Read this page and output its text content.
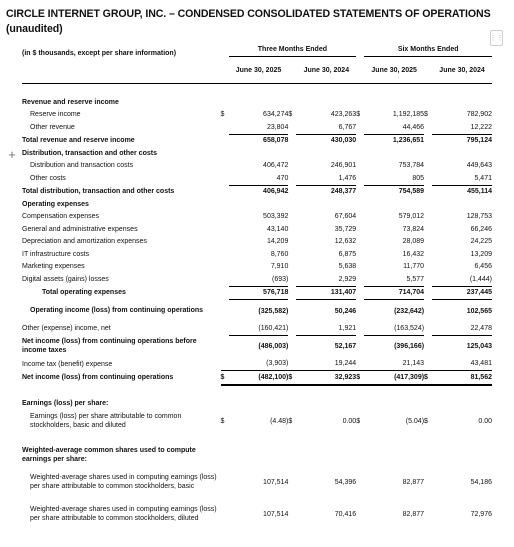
CIRCLE INTERNET GROUP, INC. – CONDENSED CONSOLIDATED STATEMENTS OF OPERATIONS (unaudited)
⋮⋮
+
		Three Months Ended				Six Months Ended		
(in $ thousands, except per share information)		June 30, 2025		June 30, 2024		June 30, 2025		June 30, 2024

Revenue and reserve income								
Reserve income	$	634,274	$	423,263	$	1,192,185	$	782,902
Other revenue		23,804		6,767		44,466		12,222
Total revenue and reserve income		658,078		430,030		1,236,651		795,124
Distribution, transaction and other costs								
Distribution and transaction costs		406,472		246,901		753,784		449,643
Other costs		470		1,476		805		5,471
Total distribution, transaction and other costs		406,942		248,377		754,589		455,114
Operating expenses								
Compensation expenses		503,392		67,604		579,012		128,753
General and administrative expenses		43,140		35,729		73,824		66,246
Depreciation and amortization expenses		14,209		12,632		28,089		24,225
IT infrastructure costs		8,760		6,875		16,432		13,209
Marketing expenses		7,910		5,638		11,770		6,456
Digital assets (gains) losses		(693)		2,929		5,577		(1,444)
Total operating expenses		576,718		131,407		714,704		237,445
Operating income (loss) from continuing operations		(325,582)		50,246		(232,642)		102,565
Other (expense) income, net		(160,421)		1,921		(163,524)		22,478
Net income (loss) from continuing operations before income taxes		(486,003)		52,167		(396,166)		125,043
Income tax (benefit) expense		(3,903)		19,244		21,143		43,481
Net income (loss) from continuing operations	$	(482,100)	$	32,923	$	(417,309)	$	81,562

Earnings (loss) per share:								
Earnings (loss) per share attributable to common stockholders, basic and diluted	$	(4.48)	$	0.00	$	(5.04)	$	0.00

Weighted-average common shares used to compute earnings per share:								
Weighted-average shares used in computing earnings (loss) per share attributable to common stockholders, basic		107,514		54,396		82,877		54,186
Weighted-average shares used in computing earnings (loss) per share attributable to common stockholders, diluted		107,514		70,416		82,877		72,976
